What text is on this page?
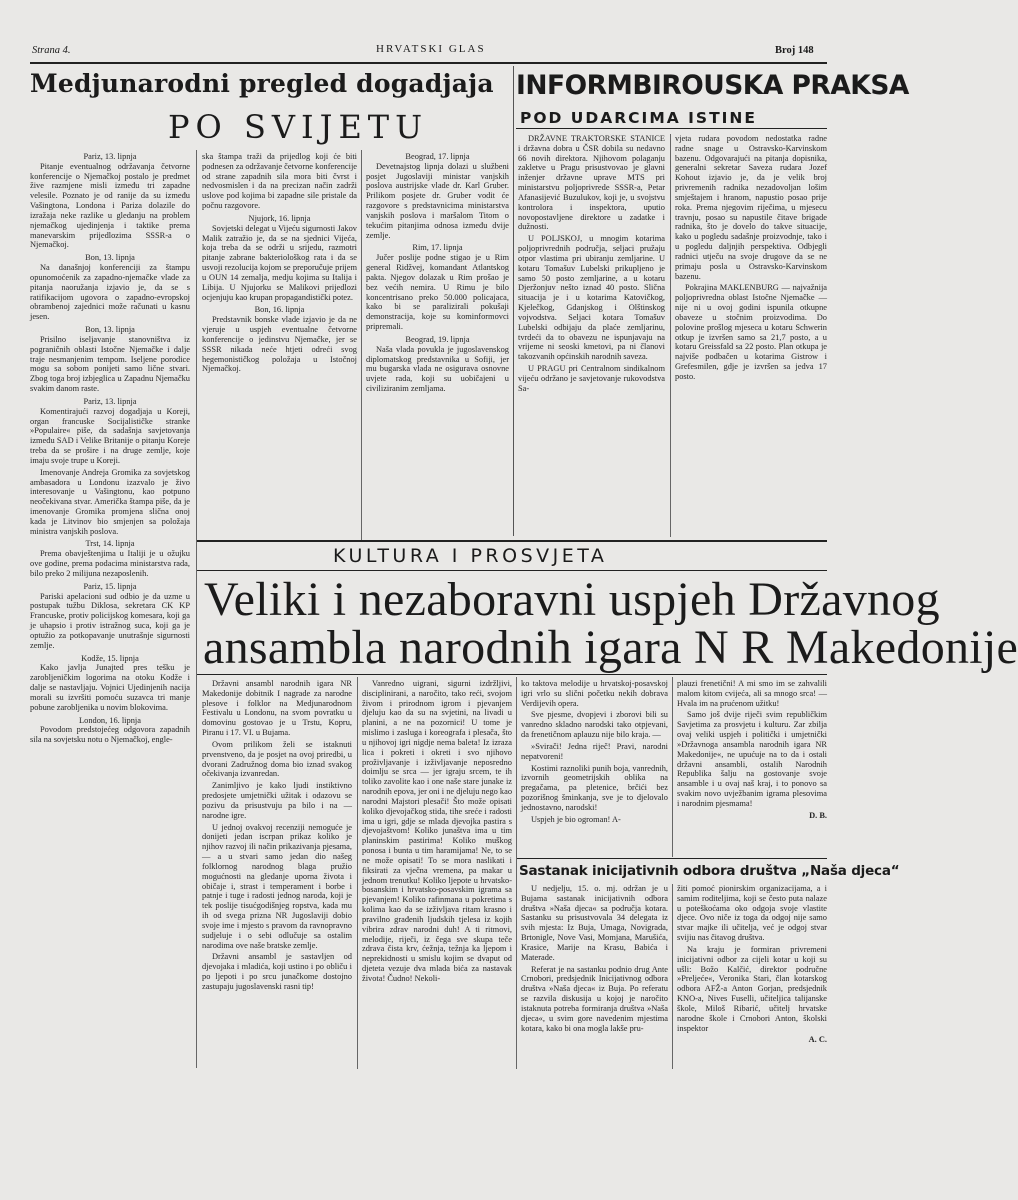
Strana 4.	HRVATSKI GLAS	Broj 148
Medjunarodni pregled dogadjaja
PO SVIJETU
INFORMBIROUSKA PRAKSA
POD UDARCIMA ISTINE
Pariz, 13. lipnja

Pitanje eventualnog održavanja četvorne konferencije o Njemačkoj postalo je predmet žive razmjene misli između tri zapadne velesile. Poznato je od ranije da su između Vašingtona, Londona i Pariza dolazile do izražaja neke razlike u gledanju na problem njemačkog ujedinjenja i taktike prema manevarskim prijedlozima SSSR-a o Njemačkoj.

Bon, 13. lipnja

Na današnjoj konferenciji za štampu opunomoćenik za zapadno-njemačke vlade za pitanja naoružanja izjavio je, da se s ratifikacijom ugovora o zapadno-evropskoj obrambenoj zajednici može računati u kasnu jesen.

Bon, 13. lipnja

Prisilno iseljavanje stanovništva iz pograničnih oblasti Istočne Njemačke i dalje traje nesmanjenim tempom. Iseljene porodice mogu sa sobom ponijeti samo lične stvari. Zbog toga broj izbjeglica u Zapadnu Njemačku svakim danom raste.

Pariz, 13. lipnja

Komentirajući razvoj dogadjaja u Koreji, organ francuske Socijalističke stranke »Populaire« piše, da sadašnja savjetovanja između SAD i Velike Britanije o pitanju Koreje treba da se prošire i na druge zemlje, koje imaju svoje trupe u Koreji.

Imenovanje Andreja Gromika za sovjetskog ambasadora u Londonu izazvalo je živo interesovanje u Vašingtonu, kao potpuno neočekivana stvar. Američka štampa piše, da je imenovanje Gromika promjena slična onoj kada je Litvinov bio smjenjen sa položaja ministra vanjskih poslova.

Trst, 14. lipnja

Prema obavještenjima u Italiji je u ožujku ove godine, prema podacima ministarstva rada, bilo preko 2 milijuna nezaposlenih.

Pariz, 15. lipnja

Pariski apelacioni sud odbio je da uzme u postupak tužbu Diklosa, sekretara CK KP Francuske, protiv policijskog komesara, koji ga je uhapsio i protiv istražnog suca, koji ga je optužio za potkopavanje unutrašnje sigurnosti zemlje.

Kodže, 15. lipnja

Kako javlja Junajted pres tešku je zarobljeničkim logorima na otoku Kodže i dalje se nastavljaju. Vojnici Ujedinjenih nacija morali su izvršiti pomoću suzavca tri manje pobune zarobljenika u novim blokovima.

London, 16. lipnja

Povodom predstojećeg odgovora zapadnih sila na sovjetsku notu o Njemačkoj, engle-

ska štampa traži da prijedlog koji će biti podnesen za održavanje četvorne konferencije od strane zapadnih sila mora biti čvrst i nedvosmislen i da na precizan način zadrži uslove pod kojima bi zapadne sile pristale da počnu razgovore.

Njujork, 16. lipnja

Sovjetski delegat u Vijeću sigurnosti Jakov Malik zatražio je, da se na sjednici Vijeća, koja treba da se održi u srijedu, razmotri pitanje zabrane bakteriološkog rata i da se usvoji rezolucija kojom se preporučuje prijem u OUN 14 zemalja, medju kojima su Italija i Libija. U Njujorku se Malikovi prijedlozi ocjenjuju kao krupan propagandistički potez.

Bon, 16. lipnja

Predstavnik bonske vlade izjavio je da ne vjeruje u uspjeh eventualne četvorne konferencije o jedinstvu Njemačke, jer se SSSR nikada neće htjeti odreći svog hegemonističkog položaja u Istočnoj Njemačkoj.

Beograd, 17. lipnja

Devetnajstog lipnja dolazi u službeni posjet Jugoslaviji ministar vanjskih poslova austrijske vlade dr. Karl Gruber. Prilikom posjete dr. Gruber vodit će razgovore s predstavnicima ministarstva vanjskih poslova i maršalom Titom o tekućim pitanjima odnosa između dvije zemlje.

Rim, 17. lipnja

Jučer poslije podne stigao je u Rim general Ridžvej, komandant Atlantskog pakta. Njegov dolazak u Rim prošao je bez većih nemira. U Rimu je bilo koncentrisano preko 50.000 policajaca, kako bi se paralizirali pokušaji demonstracija, koje su kominformovci pripremali.

Beograd, 19. lipnja

Naša vlada povukla je jugoslavenskog diplomatskog predstavnika u Sofiji, jer mu bugarska vlada ne osigurava osnovne uvjete rada, koji su uobičajeni u civiliziranim zemljama.

DRŽAVNE TRAKTORSKE STANICE i državna dobra u ČSR dobila su nedavno 66 novih direktora. Njihovom polaganju zakletve u Pragu prisustvovao je glavni inženjer državne uprave MTS pri ministarstvu poljoprivrede SSSR-a, Petar Afanasijević Buzulukov, koji je, u svojstvu kontrolora i inspektora, uputio novopostavljene direktore u zadatke i dužnosti.

U POLJSKOJ, u mnogim kotarima poljoprivrednih područja, seljaci pružaju otpor vlastima pri ubiranju zemljarine. U kotaru Tomašuv Lubelski prikupljeno je samo 50 posto zemljarine, a u kotaru Djeržonjuv nešto iznad 40 posto. Slična situacija je i u kotarima Katovičkog, Kjelečkog, Gdanjskog i Olštinskog vojvodstva. Seljaci kotara Tomašuv Lubelski odbijaju da plaće zemljarinu, tvrdeći da to obavezu ne ispunjavaju na vrijeme ni seoski kmetovi, pa ni članovi takozvanih općinskih narodnih saveza.

U PRAGU pri Centralnom sindikalnom vijeću održano je savjetovanje rukovodstva Sa-

vjeta rudara povodom nedostatka radne radne snage u Ostravsko-Karvinskom bazenu. Odgovarajući na pitanja dopisnika, generalni sekretar Saveza rudara Jozef Kohout izjavio je, da je velik broj privremenih radnika nezadovoljan lošim smještajem i hranom, napustio posao prije roka. Prema njegovim riječima, u mjesecu travnju, posao su napustile čitave brigade radnika, što je dovelo do takve situacije, kako u pogledu sadašnje proizvodnje, tako i u pogledu daljnjih perspektiva. Odbjegli radnici utječu na svoje drugove da se ne primaju posla u Ostravsko-Karvinskom bazenu.

Pokrajina MAKLENBURG — najvažnija poljoprivredna oblast Istočne Njemačke — nije ni u ovoj godini ispunila otkupne obaveze u stočnim proizvodima. Do polovine prošlog mjeseca u kotaru Schwerin otkup je izvršen samo sa 21,7 posto, a u kotaru Greissfald sa 22 posto. Plan otkupa je najviše podbačen u kotarima Gistrow i Grefesmilen, gdje je izvršen sa jedva 17 posto.

KULTURA I PROSVJETA
Veliki i nezaboravni uspjeh Državnog
ansambla narodnih igara N R Makedonije

Državni ansambl narodnih igara NR Makedonije dobitnik I nagrade za narodne plesove i folklor na Medjunarodnom Festivalu u Londonu, na svom povratku u domovinu gostovao je u Trstu, Kopru, Piranu i 17. VI. u Bujama.

Ovom prilikom želi se istaknuti prvenstveno, da je posjet na ovoj priredbi, u dvorani Zadružnog doma bio iznad svakog očekivanja izvanredan.

Zanimljivo je kako ljudi instiktivno predosjete umjetnički užitak i odazovu se pozivu da prisustvuju pa bilo i na — narodne igre.

U jednoj ovakvoj recenziji nemoguće je donijeti jedan iscrpan prikaz koliko je njihov razvoj ili način prikazivanja pjesama, — a u stvari samo jedan dio našeg folklornog narodnog blaga pružio mogućnosti na gledanje uporna života i običaje i, strast i temperament i borbe i patnje i tuge i radosti jednog naroda, koji je tek poslije tisućgodišnjeg ropstva, kada mu ih od svega prizna NR Jugoslaviji dobio svoje ime i mjesto s pravom da ravnopravno sudjeluje i o sebi odlučuje sa ostalim narodima ove naše bratske zemlje.

Državni ansambl je sastavljen od djevojaka i mladića, koji ustino i po obliču i po ljepoti i po srcu junačkome dostojno zastupaju jugoslavenski rasni tip!

Vanredno uigrani, sigurni izdržljivi, disciplinirani, a naročito, tako reći, svojom živom i prirodnom igrom i pjevanjem djeluju kao da su na svjetini, na livadi u planini, a ne na pozornici! U tome je mislimo i zasluga i koreografa i plesača, što u njihovoj igri nigdje nema baleta! Iz izraza lica i pokreti i okreti i svo njihovo proživljavanje i izživljavanje neposredno doimlju se srca — jer igraju srcem, te ih toliko zavolite kao i one naše stare junake iz narodnih epova, jer oni i ne djeluju nego kao narodni Majstori plesači! Što može opisati koliko djevojačkog stida, tihe sreće i radosti ima u igri, gdje se mlada djevojka pastira s djevojaštvom! Koliko junaštva ima u tim planinskim pastirima! Koliko muškog ponosa i bunta u tim haramijama! Ne, to se ne može opisati! To se mora naslikati i fiksirati za vječna vremena, pa makar u jednom trenutku! Koliko ljepote u hrvatsko-bosanskim i hrvatsko-posavskim igrama sa pjevanjem! Koliko rafinmana u pokretima s kolima kao da se izživljava ritam krasno i pravilno građenih ljudskih tjelesa iz kojih vibrira zdrav narodni duh! A ti ritmovi, melodije, riječi, iz čega sve skupa teče zdrava čista krv, ćežnja, težnja ka ljepom i neprekidnosti u smislu kojim se dvaput od djeteta vezuje dva mlada bića za nastavak života! Čudno! Nekoli-

ko taktova melodije u hrvatskoj-posavskoj igri vrlo su slični početku nekih dobrava Verdijevih opera.

Sve pjesme, dvopjevi i zborovi bili su vanredno skladno narodski tako otpjevani, da frenetičnom aplauzu nije bilo kraja. —

»Svirači! Jedna riječ! Pravi, narodni nepatvoreni!

Kostimi raznoliki punih boja, vanrednih, izvornih geometrijskih oblika na pregačama, pa pletenice, brčići bez pozorišnog šminkanja, sve je to djelovalo jednostavno, narodski!

Uspjeh je bio ogroman! A-

plauzi frenetični! A mi smo im se zahvalili malom kitom cvijeća, ali sa mnogo srca! — Hvala im na prućenom užitku!

Samo još dvije riječi svim republičkim Savjetima za prosvjetu i kulturu. Zar zbilja ovaj veliki uspjeh i politički i umjetnički »Državnoga ansambla narodnih igara NR Makedonije«, ne upućuje na to da i ostali državni ansambli, ostalih Narodnih Republika šalju na gostovanje svoje ansamble i u ovaj naš kraj, i to ponovo sa svakim novo uvježbanim igrama plesovima i narodnim pjesmama!

D. B.
Sastanak inicijativnih odbora društva „Naša djeca“

U nedjelju, 15. o. mj. održan je u Bujama sastanak inicijativnih odbora društva »Naša djeca« sa područja kotara. Sastanku su prisustvovala 34 delegata iz svih mjesta: Iz Buja, Umaga, Novigrada, Brtonigle, Nove Vasi, Momjana, Marušića, Krasice, Marije na Krasu, Babića i Materade.

Referat je na sastanku podnio drug Ante Crnobori, predsjednik Inicijativnog odbora društva »Naša djeca« iz Buja. Po referatu se razvila diskusija u kojoj je naročito istaknuta potreba formiranja društva »Naša djeca«, u svim gore navedenim mjestima kotara, kako bi ona mogla lakše pru-

žiti pomoć pionirskim organizacijama, a i samim roditeljima, koji se često puta nalaze u poteškoćama oko odgoja svoje vlastite djece. Ovo niče iz toga da odgoj nije samo stvar majke ili učitelja, već je odgoj stvar svijiu nas čitavog društva.

Na kraju je formiran privremeni inicijativni odbor za cijeli kotar u koji su ušli: Božo Kalčić, direktor područne »Preljeće«, Veronika Stari, član kotarskog odbora AFŽ-a Anton Gorjan, predsjednik KNO-a, Nives Fuselli, učiteljica talijanske škole, Miloš Ribarić, učitelj hrvatske narodne škole i Crnobori Anton, školski inspektor

A. C.
